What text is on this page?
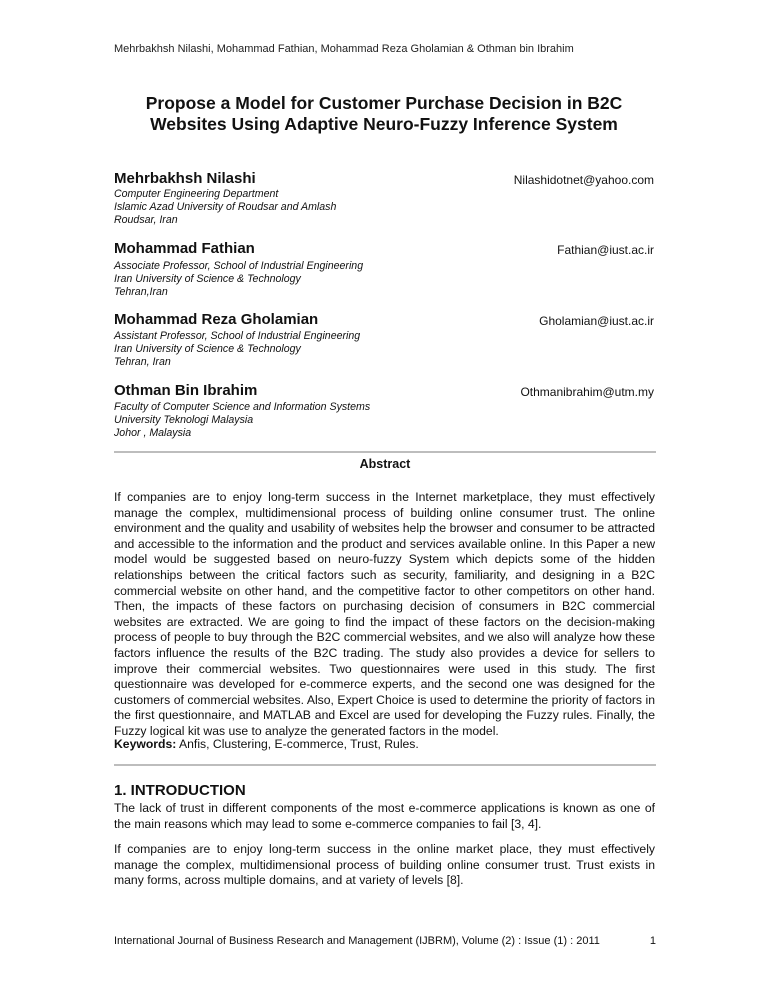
Mehrbakhsh Nilashi, Mohammad Fathian, Mohammad Reza Gholamian & Othman bin Ibrahim
Propose a Model for Customer Purchase Decision in B2C
Websites Using Adaptive Neuro-Fuzzy Inference System
Mehrbakhsh Nilashi	Nilashidotnet@yahoo.com
Computer Engineering Department
Islamic Azad University of Roudsar and Amlash
Roudsar, Iran
Mohammad Fathian	Fathian@iust.ac.ir
Associate Professor, School of Industrial Engineering
Iran University of Science & Technology
Tehran,Iran
Mohammad Reza Gholamian	Gholamian@iust.ac.ir
Assistant Professor, School of Industrial Engineering
Iran University of Science & Technology
Tehran, Iran
Othman Bin Ibrahim	Othmanibrahim@utm.my
Faculty of Computer Science and Information Systems
University Teknologi Malaysia
Johor , Malaysia
Abstract
If companies are to enjoy long-term success in the Internet marketplace, they must effectively manage the complex, multidimensional process of building online consumer trust. The online environment and the quality and usability of websites help the browser and consumer to be attracted and accessible to the information and the product and services available online. In this Paper a new model would be suggested based on neuro-fuzzy System which depicts some of the hidden relationships between the critical factors such as security, familiarity, and designing in a B2C commercial website on other hand, and the competitive factor to other competitors on other hand. Then, the impacts of these factors on purchasing decision of consumers in B2C commercial websites are extracted. We are going to find the impact of these factors on the decision-making process of people to buy through the B2C commercial websites, and we also will analyze how these factors influence the results of the B2C trading. The study also provides a device for sellers to improve their commercial websites. Two questionnaires were used in this study. The first questionnaire was developed for e-commerce experts, and the second one was designed for the customers of commercial websites. Also, Expert Choice is used to determine the priority of factors in the first questionnaire, and MATLAB and Excel are used for developing the Fuzzy rules. Finally, the Fuzzy logical kit was use to analyze the generated factors in the model.
Keywords: Anfis, Clustering, E-commerce, Trust, Rules.
1. INTRODUCTION
The lack of trust in different components of the most e-commerce applications is known as one of the main reasons which may lead to some e-commerce companies to fail [3, 4].
If companies are to enjoy long-term success in the online market place, they must effectively manage the complex, multidimensional process of building online consumer trust. Trust exists in many forms, across multiple domains, and at variety of levels [8].
International Journal of Business Research and Management (IJBRM), Volume (2) : Issue (1) : 2011	1
